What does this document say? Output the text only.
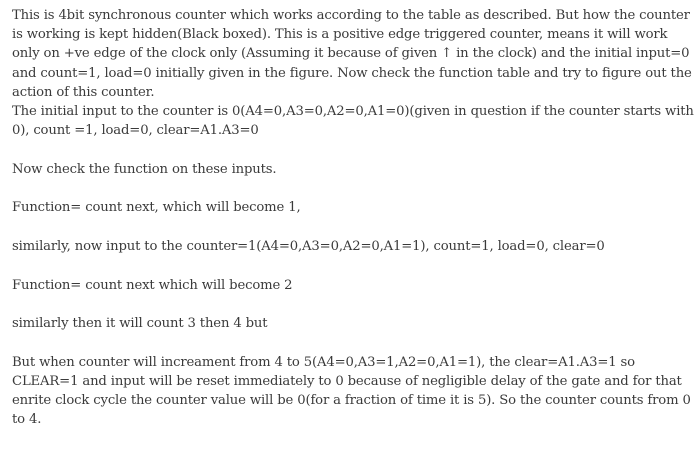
This is 4bit synchronous counter which works according to the table as described. But how the counter is working is kept hidden(Black boxed). This is a positive edge triggered counter, means it will work only on +ve edge of the clock only (Assuming it because of given ↑ in the clock) and the initial input=0 and count=1, load=0 initially given in the figure. Now check the function table and try to figure out the action of this counter.

The initial input to the counter is 0(A4=0,A3=0,A2=0,A1=0)(given in question if the counter starts with 0), count =1, load=0, clear=A1.A3=0

Now check the function on these inputs.

Function= count next, which will become 1,

similarly, now input to the counter=1(A4=0,A3=0,A2=0,A1=1), count=1, load=0, clear=0

Function= count next which will become 2

similarly then it will count 3 then 4 but

But when counter will increament from 4 to 5(A4=0,A3=1,A2=0,A1=1), the clear=A1.A3=1 so CLEAR=1 and input will be reset immediately to 0 because of negligible delay of the gate and for that enrite clock cycle the counter value will be 0(for a fraction of time it is 5). So the counter counts from 0 to 4.
